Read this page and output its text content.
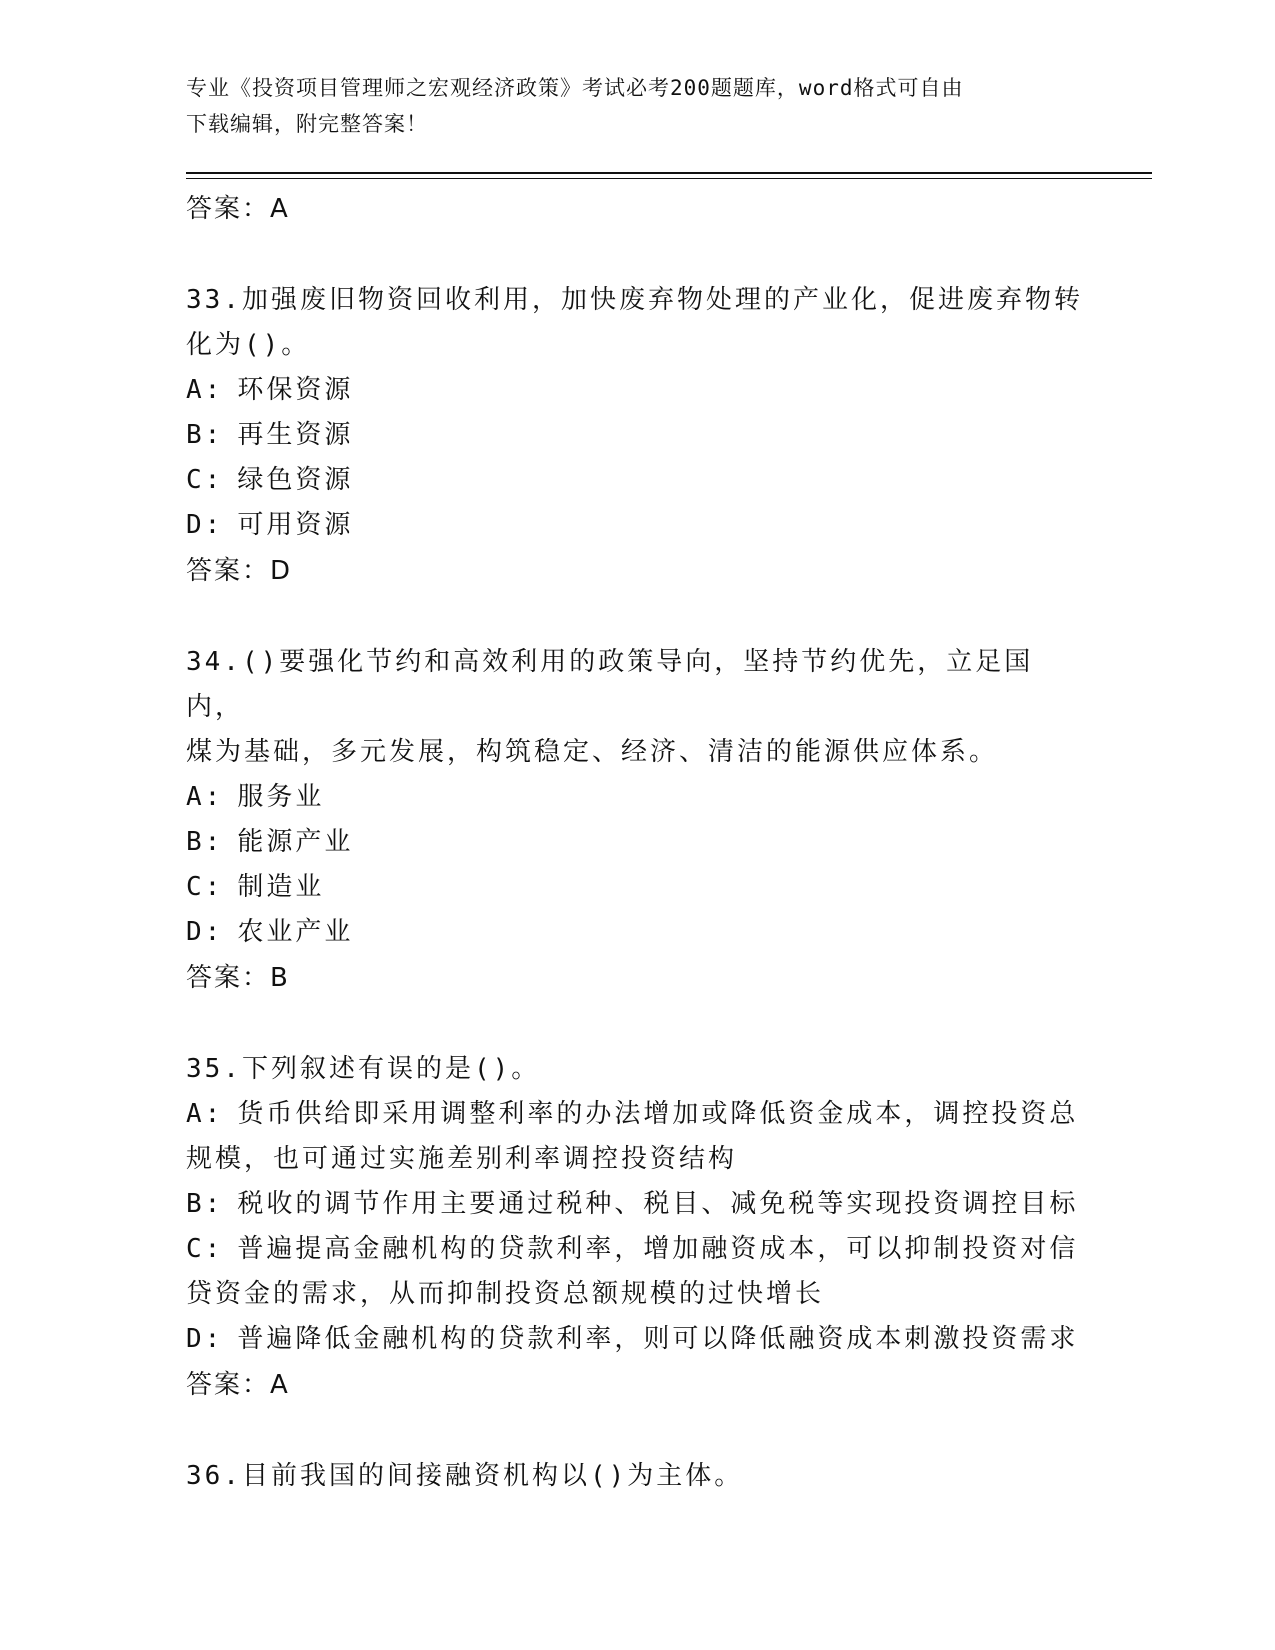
专业《投资项目管理师之宏观经济政策》考试必考200题题库，word格式可自由
下载编辑，附完整答案！
答案：A
33.加强废旧物资回收利用，加快废弃物处理的产业化，促进废弃物转
化为()。
A: 环保资源
B: 再生资源
C: 绿色资源
D: 可用资源
答案：D
34.()要强化节约和高效利用的政策导向，坚持节约优先，立足国内，
煤为基础，多元发展，构筑稳定、经济、清洁的能源供应体系。
A: 服务业
B: 能源产业
C: 制造业
D: 农业产业
答案：B
35.下列叙述有误的是()。
A: 货币供给即采用调整利率的办法增加或降低资金成本，调控投资总
规模，也可通过实施差别利率调控投资结构
B: 税收的调节作用主要通过税种、税目、减免税等实现投资调控目标
C: 普遍提高金融机构的贷款利率，增加融资成本，可以抑制投资对信
贷资金的需求，从而抑制投资总额规模的过快增长
D: 普遍降低金融机构的贷款利率，则可以降低融资成本刺激投资需求
答案：A
36.目前我国的间接融资机构以()为主体。
